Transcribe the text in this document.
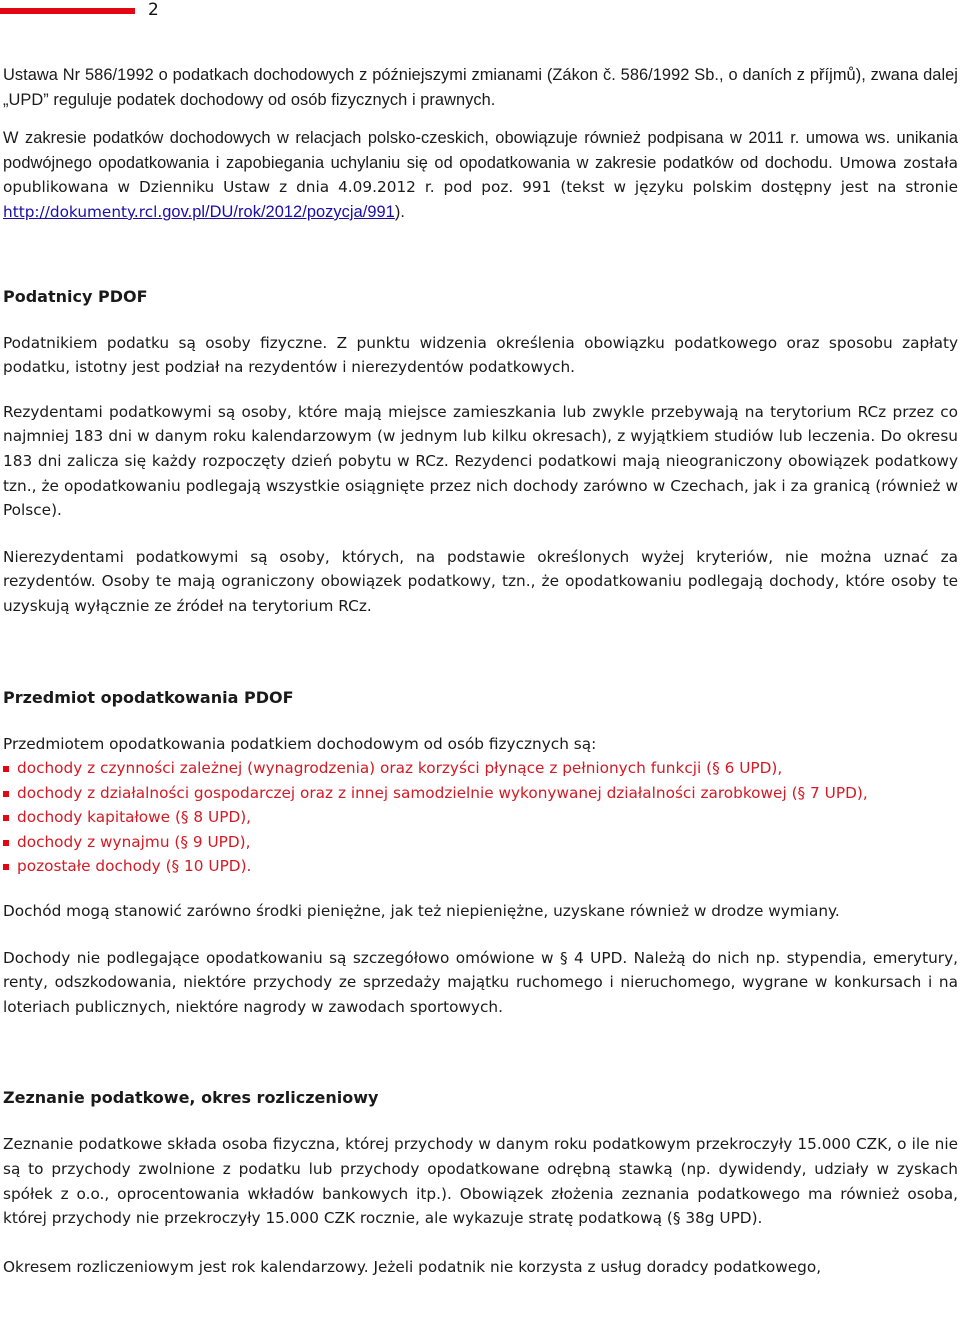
2

Ustawa Nr 586/1992 o podatkach dochodowych z późniejszymi zmianami (Zákon č. 586/1992 Sb., o daních z příjmů), zwana dalej „UPD” reguluje podatek dochodowy od osób fizycznych i prawnych.

W zakresie podatków dochodowych w relacjach polsko-czeskich, obowiązuje również podpisana w 2011 r. umowa ws. unikania podwójnego opodatkowania i zapobiegania uchylaniu się od opodatkowania w zakresie podatków od dochodu. Umowa została opublikowana w Dzienniku Ustaw z dnia 4.09.2012 r. pod poz. 991 (tekst w języku polskim dostępny jest na stronie http://dokumenty.rcl.gov.pl/DU/rok/2012/pozycja/991).

Podatnicy PDOF

Podatnikiem podatku są osoby fizyczne. Z punktu widzenia określenia obowiązku podatkowego oraz sposobu zapłaty podatku, istotny jest podział na rezydentów i nierezydentów podatkowych.

Rezydentami podatkowymi są osoby, które mają miejsce zamieszkania lub zwykle przebywają na terytorium RCz przez co najmniej 183 dni w danym roku kalendarzowym (w jednym lub kilku okresach), z wyjątkiem studiów lub leczenia. Do okresu 183 dni zalicza się każdy rozpoczęty dzień pobytu w RCz. Rezydenci podatkowi mają nieograniczony obowiązek podatkowy tzn., że opodatkowaniu podlegają wszystkie osiągnięte przez nich dochody zarówno w Czechach, jak i za granicą (również w Polsce).

Nierezydentami podatkowymi są osoby, których, na podstawie określonych wyżej kryteriów, nie można uznać za rezydentów. Osoby te mają ograniczony obowiązek podatkowy, tzn., że opodatkowaniu podlegają dochody, które osoby te uzyskują wyłącznie ze źródeł na terytorium RCz.

Przedmiot opodatkowania PDOF

Przedmiotem opodatkowania podatkiem dochodowym od osób fizycznych są:

dochody z czynności zależnej (wynagrodzenia) oraz korzyści płynące z pełnionych funkcji (§ 6 UPD),
dochody z działalności gospodarczej oraz z innej samodzielnie wykonywanej działalności zarobkowej (§ 7 UPD),
dochody kapitałowe (§ 8 UPD),
dochody z wynajmu (§ 9 UPD),
pozostałe dochody (§ 10 UPD).

Dochód mogą stanowić zarówno środki pieniężne, jak też niepieniężne, uzyskane również w drodze wymiany.

Dochody nie podlegające opodatkowaniu są szczegółowo omówione w § 4 UPD. Należą do nich np. stypendia, emerytury, renty, odszkodowania, niektóre przychody ze sprzedaży majątku ruchomego i nieruchomego, wygrane w konkursach i na loteriach publicznych, niektóre nagrody w zawodach sportowych.

Zeznanie podatkowe, okres rozliczeniowy

Zeznanie podatkowe składa osoba fizyczna, której przychody w danym roku podatkowym przekroczyły 15.000 CZK, o ile nie są to przychody zwolnione z podatku lub przychody opodatkowane odrębną stawką (np. dywidendy, udziały w zyskach spółek z o.o., oprocentowania wkładów bankowych itp.). Obowiązek złożenia zeznania podatkowego ma również osoba, której przychody nie przekroczyły 15.000 CZK rocznie, ale wykazuje stratę podatkową (§ 38g UPD).

Okresem rozliczeniowym jest rok kalendarzowy. Jeżeli podatnik nie korzysta z usług doradcy podatkowego,
